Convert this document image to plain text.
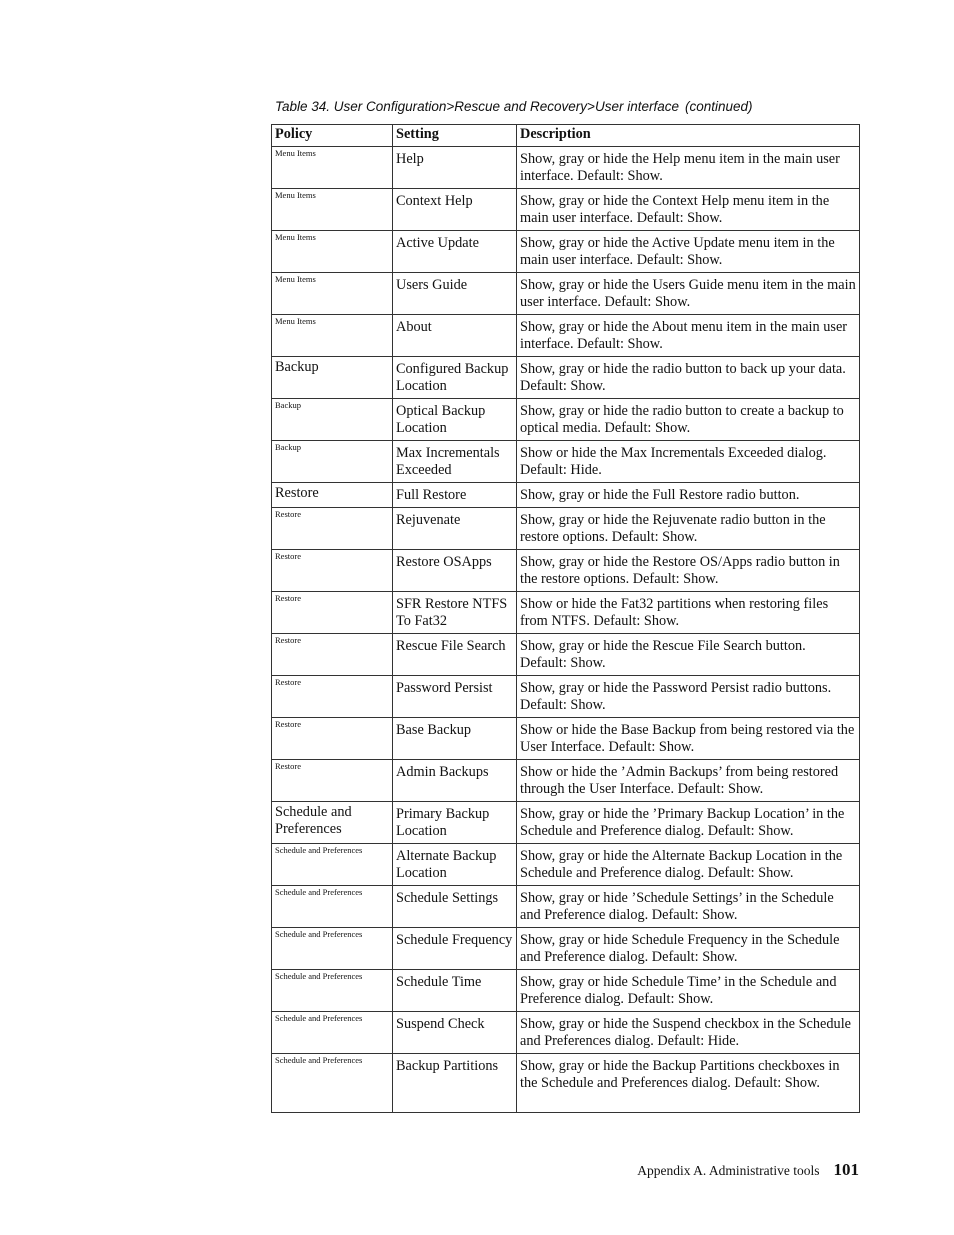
Table 34. User Configuration>Rescue and Recovery>User interface (continued)
Policy	Setting	Description

Menu Items	Help	Show, gray or hide the Help menu item in the main user interface. Default: Show.

Menu Items	Context Help	Show, gray or hide the Context Help menu item in the main user interface. Default: Show.

Menu Items	Active Update	Show, gray or hide the Active Update menu item in the main user interface. Default: Show.

Menu Items	Users Guide	Show, gray or hide the Users Guide menu item in the main user interface. Default: Show.

Menu Items	About	Show, gray or hide the About menu item in the main user interface. Default: Show.

Backup	Configured Backup Location	Show, gray or hide the radio button to back up your data. Default: Show.

Backup	Optical Backup Location	Show, gray or hide the radio button to create a backup to optical media. Default: Show.

Backup	Max Incrementals Exceeded	Show or hide the Max Incrementals Exceeded dialog. Default: Hide.

Restore	Full Restore	Show, gray or hide the Full Restore radio button.

Restore	Rejuvenate	Show, gray or hide the Rejuvenate radio button in the restore options. Default: Show.

Restore	Restore OSApps	Show, gray or hide the Restore OS/Apps radio button in the restore options. Default: Show.

Restore	SFR Restore NTFS To Fat32	Show or hide the Fat32 partitions when restoring files from NTFS. Default: Show.

Restore	Rescue File Search	Show, gray or hide the Rescue File Search button. Default: Show.

Restore	Password Persist	Show, gray or hide the Password Persist radio buttons. Default: Show.

Restore	Base Backup	Show or hide the Base Backup from being restored via the User Interface. Default: Show.

Restore	Admin Backups	Show or hide the ’Admin Backups’ from being restored through the User Interface. Default: Show.

Schedule and Preferences	Primary Backup Location	Show, gray or hide the ’Primary Backup Location’ in the Schedule and Preference dialog. Default: Show.

Schedule and Preferences	Alternate Backup Location	Show, gray or hide the Alternate Backup Location in the Schedule and Preference dialog. Default: Show.

Schedule and Preferences	Schedule Settings	Show, gray or hide ’Schedule Settings’ in the Schedule and Preference dialog. Default: Show.

Schedule and Preferences	Schedule Frequency	Show, gray or hide Schedule Frequency in the Schedule and Preference dialog. Default: Show.

Schedule and Preferences	Schedule Time	Show, gray or hide Schedule Time’ in the Schedule and Preference dialog. Default: Show.

Schedule and Preferences	Suspend Check	Show, gray or hide the Suspend checkbox in the Schedule and Preferences dialog. Default: Hide.

Schedule and Preferences	Backup Partitions	Show, gray or hide the Backup Partitions checkboxes in the Schedule and Preferences dialog. Default: Show.
Appendix A. Administrative tools 101
